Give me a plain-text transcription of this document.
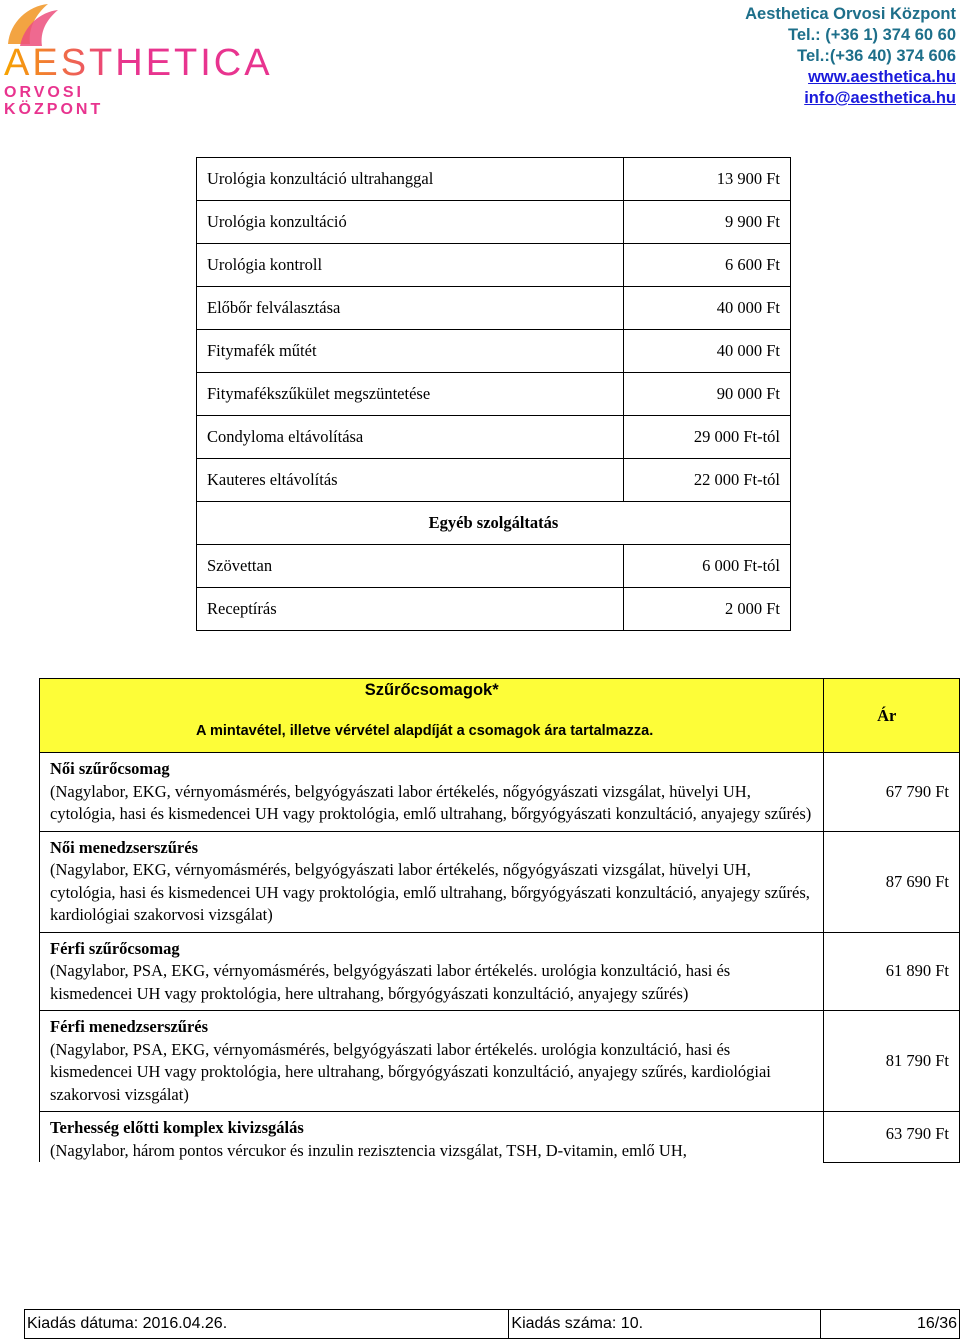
AESTHETICA
ORVOSI
KÖZPONT
Aesthetica Orvosi Központ
Tel.: (+36 1) 374 60 60
Tel.:(+36 40) 374 606
www.aesthetica.hu
info@aesthetica.hu
Urológia konzultáció ultrahanggal	13 900 Ft
Urológia konzultáció	9 900 Ft
Urológia kontroll	6 600 Ft
Előbőr felválasztása	40 000 Ft
Fitymafék műtét	40 000 Ft
Fitymafékszűkület megszüntetése	90 000 Ft
Condyloma eltávolítása	29 000 Ft-tól
Kauteres eltávolítás	22 000 Ft-tól
Egyéb szolgáltatás	
Szövettan	6 000 Ft-tól
Receptírás	2 000 Ft
Szűrőcsomagok*
A mintavétel, illetve vérvétel alapdíját a csomagok ára tartalmazza.	Ár

Női szűrőcsomag
(Nagylabor, EKG, vérnyomásmérés, belgyógyászati labor értékelés, nőgyógyászati vizsgálat, hüvelyi UH, cytológia, hasi és kismedencei UH vagy proktológia, emlő ultrahang, bőrgyógyászati konzultáció, anyajegy szűrés)	67 790 Ft

Női menedzserszűrés
(Nagylabor, EKG, vérnyomásmérés, belgyógyászati labor értékelés, nőgyógyászati vizsgálat, hüvelyi UH, cytológia, hasi és kismedencei UH vagy proktológia, emlő ultrahang, bőrgyógyászati konzultáció, anyajegy szűrés, kardiológiai szakorvosi vizsgálat)	87 690 Ft

Férfi szűrőcsomag
(Nagylabor, PSA, EKG, vérnyomásmérés, belgyógyászati labor értékelés. urológia konzultáció, hasi és kismedencei UH vagy proktológia, here ultrahang, bőrgyógyászati konzultáció, anyajegy szűrés)	61 890 Ft

Férfi menedzserszűrés
(Nagylabor, PSA, EKG, vérnyomásmérés, belgyógyászati labor értékelés. urológia konzultáció, hasi és kismedencei UH vagy proktológia, here ultrahang, bőrgyógyászati konzultáció, anyajegy szűrés, kardiológiai szakorvosi vizsgálat)	81 790 Ft

Terhesség előtti komplex kivizsgálás
(Nagylabor, három pontos vércukor és inzulin rezisztencia vizsgálat, TSH, D-vitamin, emlő UH,	63 790 Ft
Kiadás dátuma: 2016.04.26.	Kiadás száma: 10.	16/36
